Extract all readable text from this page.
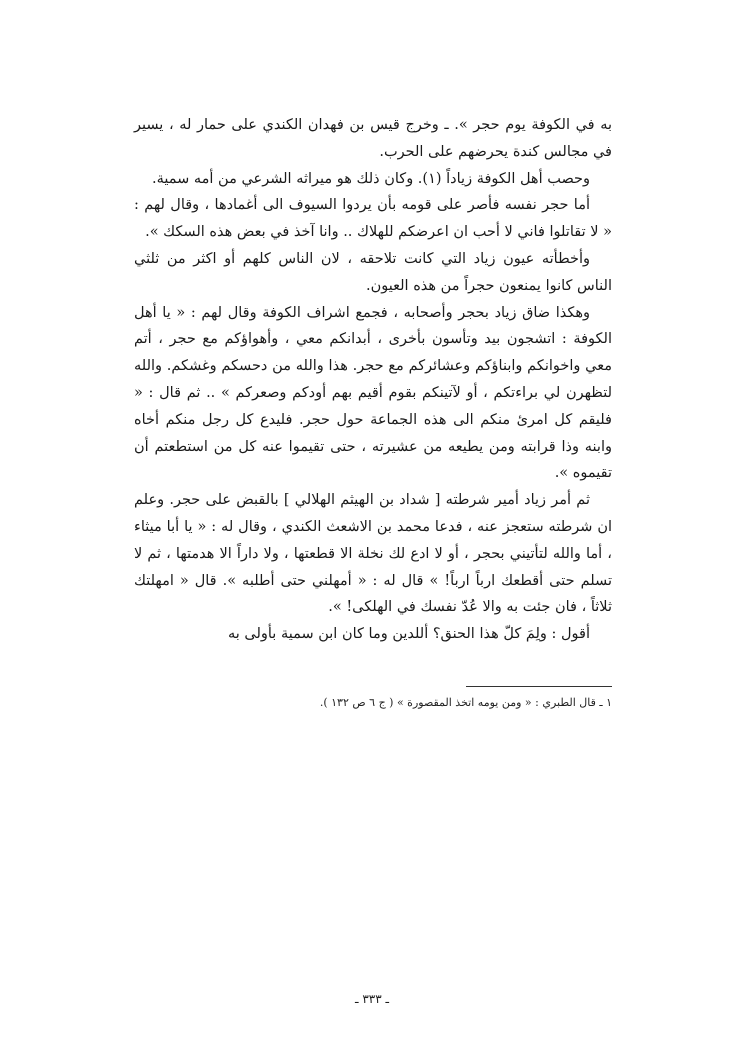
به في الكوفة يوم حجر ». ـ وخرج قيس بن فهدان الكندي على حمار له ، يسير في مجالس كندة يحرضهم على الحرب.

وحصب أهل الكوفة زياداً (١). وكان ذلك هو ميراثه الشرعي من أمه سمية.

أما حجر نفسه فأصر على قومه بأن يردوا السيوف الى أغمادها ، وقال لهم : « لا تقاتلوا فاني لا أحب ان اعرضكم للهلاك .. وانا آخذ في بعض هذه السكك ».

وأخطأته عيون زياد التي كانت تلاحقه ، لان الناس كلهم أو اكثر من ثلثي الناس كانوا يمنعون حجراً من هذه العيون.

وهكذا ضاق زياد بحجر وأصحابه ، فجمع اشراف الكوفة وقال لهم : « يا أهل الكوفة : اتشجون بيد وتأسون بأخرى ، أبدانكم معي ، وأهواؤكم مع حجر ، أتم معي واخوانكم وابناؤكم وعشائركم مع حجر. هذا والله من دحسكم وغشكم. والله لتظهرن لي براءتكم ، أو لآتينكم بقوم أقيم بهم أودكم وصعركم » .. ثم قال : « فليقم كل امرئ منكم الى هذه الجماعة حول حجر. فليدع كل رجل منكم أخاه وابنه وذا قرابته ومن يطيعه من عشيرته ، حتى تقيموا عنه كل من استطعتم أن تقيموه ».

ثم أمر زياد أمير شرطته [ شداد بن الهيثم الهلالي ] بالقبض على حجر. وعلم ان شرطته ستعجز عنه ، فدعا محمد بن الاشعث الكندي ، وقال له : « يا أبا ميثاء ، أما والله لتأتيني بحجر ، أو لا ادع لك نخلة الا قطعتها ، ولا داراً الا هدمتها ، ثم لا تسلم حتى أقطعك ارباً ارباً! » قال له : « أمهلني حتى أطلبه ». قال « امهلتك ثلاثاً ، فان جئت به والا عُدّ نفسك في الهلكى! ».

أقول : ولِمَ كلّ هذا الحنق؟ أللدين وما كان ابن سمية بأولى به

١ ـ قال الطبري : « ومن يومه اتخذ المقصورة » ( ج ٦ ص ١٣٢ ).
ـ ٣٣٣ ـ
